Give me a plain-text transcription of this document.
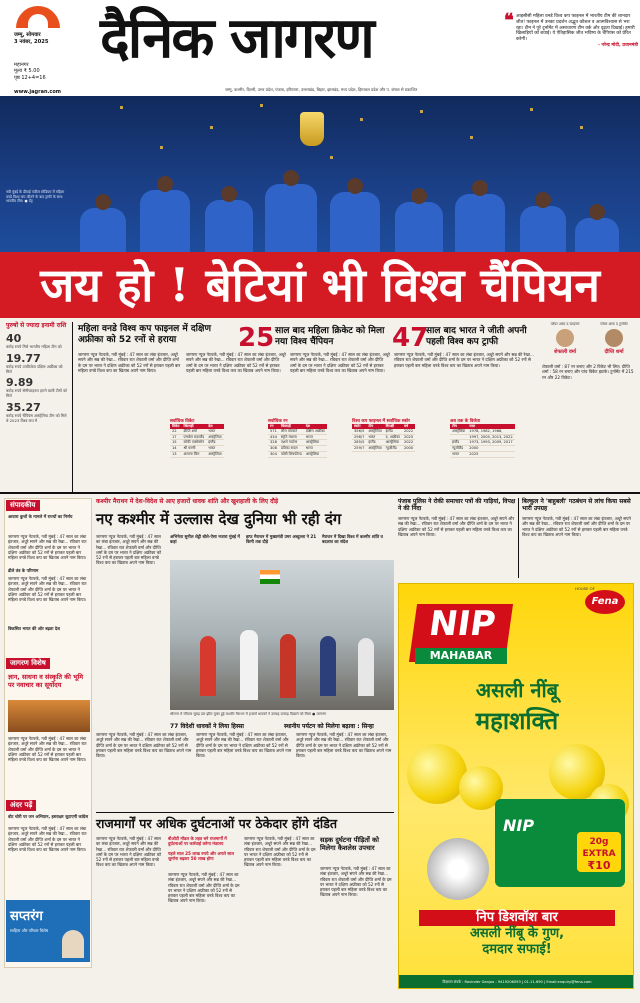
दैनिक जागरण
जम्मू, सोमवार
3 नवंबर, 2025
महानगर
मूल्य ₹ 5.00
पृष्ठ 12+4=16
www.jagran.com	जम्मू, कश्मीर, दिल्ली, उत्तर प्रदेश, पंजाब, हरियाणा, उत्तराखंड, बिहार, झारखंड, मध्य प्रदेश, हिमाचल प्रदेश और प. बंगाल से प्रकाशित
❝ आइसीसी महिला वनडे विश्व कप फाइनल में भारतीय टीम की शानदार जीत! फाइनल में उनका प्रदर्शन अद्भुत कौशल व आत्मविश्वास से भरा रहा। टीम ने पूरे टूर्नामेंट में असाधारण टीम वर्क और दृढ़ता दिखाई। हमारी खिलाड़ियों को बधाई। ये ऐतिहासिक जीत भविष्य के चैंपियंस को प्रेरित करेगी।
- नरेन्द्र मोदी, प्रधानमंत्री
नवी मुंबई के डीवाई पाटिल स्टेडियम में महिला वनडे विश्व कप जीतने के बाद ट्राफी के साथ भारतीय टीम। ● प्रेट्र
जय हो ! बेटियां भी विश्व चैंपियन
पुरुषों से ज्यादा इनामी राशि
40
करोड़ रुपये मिले भारतीय महिला टीम को
19.77
करोड़ रुपये उपविजेता दक्षिण अफ्रीका को मिले
9.89
करोड़ रुपये सेमीफाइनल हारने वाली टीमों को मिले
35.27
करोड़ रुपये चैंपियंस आस्ट्रेलिया टीम को मिले थे 2023 विश्व कप में
महिला वनडे विश्व कप फाइनल में दक्षिण अफ्रीका को 52 रनों से हराया	25 साल बाद महिला क्रिकेट को मिला नया विश्व चैंपियन	47
साल बाद भारत ने जीती अपनी पहली विश्व कप ट्राफी
प्लेयर आफ द फाइनल
शेफाली वर्मा
प्लेयर आफ द टूर्नामेंट
दीप्ति शर्मा
जागरण न्यूज नेटवर्क, नवी मुंबई : 47 साल का लंबा इंतजार, अधूरे सपने और सब्र की रेखा... रविवार रात शेफाली वर्मा और दीप्ति शर्मा के दम पर भारत ने दक्षिण अफ्रीका को 52 रनों से हराकर पहली बार महिला वनडे विश्व कप का खिताब अपने नाम किया।
जागरण न्यूज नेटवर्क, नवी मुंबई : 47 साल का लंबा इंतजार, अधूरे सपने और सब्र की रेखा... रविवार रात शेफाली वर्मा और दीप्ति शर्मा के दम पर भारत ने दक्षिण अफ्रीका को 52 रनों से हराकर पहली बार महिला वनडे विश्व कप का खिताब अपने नाम किया।
जागरण न्यूज नेटवर्क, नवी मुंबई : 47 साल का लंबा इंतजार, अधूरे सपने और सब्र की रेखा... रविवार रात शेफाली वर्मा और दीप्ति शर्मा के दम पर भारत ने दक्षिण अफ्रीका को 52 रनों से हराकर पहली बार महिला वनडे विश्व कप का खिताब अपने नाम किया।
जागरण न्यूज नेटवर्क, नवी मुंबई : 47 साल का लंबा इंतजार, अधूरे सपने और सब्र की रेखा... रविवार रात शेफाली वर्मा और दीप्ति शर्मा के दम पर भारत ने दक्षिण अफ्रीका को 52 रनों से हराकर पहली बार महिला वनडे विश्व कप का खिताब अपने नाम किया।	शेफाली वर्मा : 87 रन बनाए और 2 विकेट भी लिए। दीप्ति शर्मा : 58 रन बनाए और पांच विकेट झटके। टूर्नामेंट में 215 रन और 22 विकेट।
सर्वाधिक विकेट
विकेट	खिलाड़ी	देश
22	दीप्ति शर्मा	भारत
17	एनाबेल सदरलैंड	आस्ट्रेलिया
15	सोफी एक्लेस्टोन	इंग्लैंड
14	श्री चरणी	भारत
13	अलाना किंग	आस्ट्रेलिया
सर्वाधिक रन
रन	खिलाड़ी	देश
571	लौरा वोल्वार्ट	दक्षिण अफ्रीका
434	स्मृति मंधाना	भारत
328	एशले गार्डनर	आस्ट्रेलिया
308	प्रतिका रावल	भारत
304	फोबी लिचफील्ड	आस्ट्रेलिया
विश्व कप फाइनल में सर्वाधिक स्कोर
स्कोर	टीम	विपक्षी	वर्ष
356/5	आस्ट्रेलिया	इंग्लैंड	2022
298/7	भारत	द. अफ्रीका	2025
285/5	इंग्लैंड	आस्ट्रेलिया	2022
259/7	आस्ट्रेलिया	न्यूजीलैंड	2000
अब तक के विजेता
टीम	साल
आस्ट्रेलिया	1978, 1982, 1988,
	1997, 2005, 2013, 2022
इंग्लैंड	1973, 1993, 2009, 2017
न्यूजीलैंड	2000
भारत	2025
संपादकीय
आवारा कुत्तों के मामले में राज्यों का निर्णय
जागरण न्यूज नेटवर्क, नवी मुंबई : 47 साल का लंबा इंतजार, अधूरे सपने और सब्र की रेखा... रविवार रात शेफाली वर्मा और दीप्ति शर्मा के दम पर भारत ने दक्षिण अफ्रीका को 52 रनों से हराकर पहली बार महिला वनडे विश्व कप का खिताब अपने नाम किया।
ढीले तंत्र के परिणाम
जागरण न्यूज नेटवर्क, नवी मुंबई : 47 साल का लंबा इंतजार, अधूरे सपने और सब्र की रेखा... रविवार रात शेफाली वर्मा और दीप्ति शर्मा के दम पर भारत ने दक्षिण अफ्रीका को 52 रनों से हराकर पहली बार महिला वनडे विश्व कप का खिताब अपने नाम किया।
विकसित भारत की ओर बढ़ता देश
जागरण विशेष
ज्ञान, साधना व संस्कृति की भूमि पर नवाचार का सूर्योदय
जागरण न्यूज नेटवर्क, नवी मुंबई : 47 साल का लंबा इंतजार, अधूरे सपने और सब्र की रेखा... रविवार रात शेफाली वर्मा और दीप्ति शर्मा के दम पर भारत ने दक्षिण अफ्रीका को 52 रनों से हराकर पहली बार महिला वनडे विश्व कप का खिताब अपने नाम किया।
अंदर पढ़ें
वोट चोरी पर जन अभियान, हस्ताक्षर जुटाएगी कांग्रेस
जागरण न्यूज नेटवर्क, नवी मुंबई : 47 साल का लंबा इंतजार, अधूरे सपने और सब्र की रेखा... रविवार रात शेफाली वर्मा और दीप्ति शर्मा के दम पर भारत ने दक्षिण अफ्रीका को 52 रनों से हराकर पहली बार महिला वनडे विश्व कप का खिताब अपने नाम किया।
सप्तरंग
साहित्य और परिवार विशेष
कश्मीर मैराथन में देश-विदेश से आए हजारों धावक शांति और खुशहाली के लिए दौड़े
नए कश्मीर में उल्लास देख दुनिया भी रही दंग
जागरण न्यूज नेटवर्क, नवी मुंबई : 47 साल का लंबा इंतजार, अधूरे सपने और सब्र की रेखा... रविवार रात शेफाली वर्मा और दीप्ति शर्मा के दम पर भारत ने दक्षिण अफ्रीका को 52 रनों से हराकर पहली बार महिला वनडे विश्व कप का खिताब अपने नाम किया।
अभिनेता सुनील शेट्टी बोले-ऐसा नजारा मुंबई में कहां
हाफ मैराथन में मुख्यमंत्री उमर अब्दुल्ला ने 21 किमी तक दौड़े
मैराथन में दिखा विश्व में कश्मीर शांति व बदलाव का संदेश
श्रीनगर में रविवार सुबह डल झील मुक्त हुई कश्मीर मैराथन में हजारों धावकों ने उत्साह उत्साह दिखाने को मिला ● जागरण
77 विदेशी धावकों ने लिया हिस्सा	स्थानीय पर्यटन को मिलेगा बढ़ावा : सिन्हा
जागरण न्यूज नेटवर्क, नवी मुंबई : 47 साल का लंबा इंतजार, अधूरे सपने और सब्र की रेखा... रविवार रात शेफाली वर्मा और दीप्ति शर्मा के दम पर भारत ने दक्षिण अफ्रीका को 52 रनों से हराकर पहली बार महिला वनडे विश्व कप का खिताब अपने नाम किया।
जागरण न्यूज नेटवर्क, नवी मुंबई : 47 साल का लंबा इंतजार, अधूरे सपने और सब्र की रेखा... रविवार रात शेफाली वर्मा और दीप्ति शर्मा के दम पर भारत ने दक्षिण अफ्रीका को 52 रनों से हराकर पहली बार महिला वनडे विश्व कप का खिताब अपने नाम किया।
जागरण न्यूज नेटवर्क, नवी मुंबई : 47 साल का लंबा इंतजार, अधूरे सपने और सब्र की रेखा... रविवार रात शेफाली वर्मा और दीप्ति शर्मा के दम पर भारत ने दक्षिण अफ्रीका को 52 रनों से हराकर पहली बार महिला वनडे विश्व कप का खिताब अपने नाम किया।
पंजाब पुलिस ने रोकी समाचार पत्रों की गाड़ियां, विपक्ष ने की निंदा
जागरण न्यूज नेटवर्क, नवी मुंबई : 47 साल का लंबा इंतजार, अधूरे सपने और सब्र की रेखा... रविवार रात शेफाली वर्मा और दीप्ति शर्मा के दम पर भारत ने दक्षिण अफ्रीका को 52 रनों से हराकर पहली बार महिला वनडे विश्व कप का खिताब अपने नाम किया।
बिल्कुल ने 'बाहुबली' गठबंधन से लांच किया सबसे भारी उपग्रह
जागरण न्यूज नेटवर्क, नवी मुंबई : 47 साल का लंबा इंतजार, अधूरे सपने और सब्र की रेखा... रविवार रात शेफाली वर्मा और दीप्ति शर्मा के दम पर भारत ने दक्षिण अफ्रीका को 52 रनों से हराकर पहली बार महिला वनडे विश्व कप का खिताब अपने नाम किया।
Fena
HOUSE OF
NIP
MAHABAR
असली नींबू
महाशक्ति
NIP
20g EXTRA
₹10
निप डिशवॉश बार
असली नींबू के गुण,
दमदार सफाई!
विज्ञापन संपर्क : Ravinder Ganjoo - 9419206093 | 01-11-690 | Email:enquiry@fena.com
राजमार्गों पर अधिक दुर्घटनाओं पर ठेकेदार होंगे दंडित
जागरण न्यूज नेटवर्क, नवी मुंबई : 47 साल का लंबा इंतजार, अधूरे सपने और सब्र की रेखा... रविवार रात शेफाली वर्मा और दीप्ति शर्मा के दम पर भारत ने दक्षिण अफ्रीका को 52 रनों से हराकर पहली बार महिला वनडे विश्व कप का खिताब अपने नाम किया।
बीओटी मॉडल के तहत बने राजमार्गों में दुर्घटनाओं पर कार्रवाई करेगा मंत्रालय
पहले साल 25 लाख रुपये और अगले साल जुर्माना बढ़कर 50 लाख होगा
जागरण न्यूज नेटवर्क, नवी मुंबई : 47 साल का लंबा इंतजार, अधूरे सपने और सब्र की रेखा... रविवार रात शेफाली वर्मा और दीप्ति शर्मा के दम पर भारत ने दक्षिण अफ्रीका को 52 रनों से हराकर पहली बार महिला वनडे विश्व कप का खिताब अपने नाम किया।
जागरण न्यूज नेटवर्क, नवी मुंबई : 47 साल का लंबा इंतजार, अधूरे सपने और सब्र की रेखा... रविवार रात शेफाली वर्मा और दीप्ति शर्मा के दम पर भारत ने दक्षिण अफ्रीका को 52 रनों से हराकर पहली बार महिला वनडे विश्व कप का खिताब अपने नाम किया।
सड़क दुर्घटना पीड़ितों को मिलेगा कैशलेस उपचार
जागरण न्यूज नेटवर्क, नवी मुंबई : 47 साल का लंबा इंतजार, अधूरे सपने और सब्र की रेखा... रविवार रात शेफाली वर्मा और दीप्ति शर्मा के दम पर भारत ने दक्षिण अफ्रीका को 52 रनों से हराकर पहली बार महिला वनडे विश्व कप का खिताब अपने नाम किया।
